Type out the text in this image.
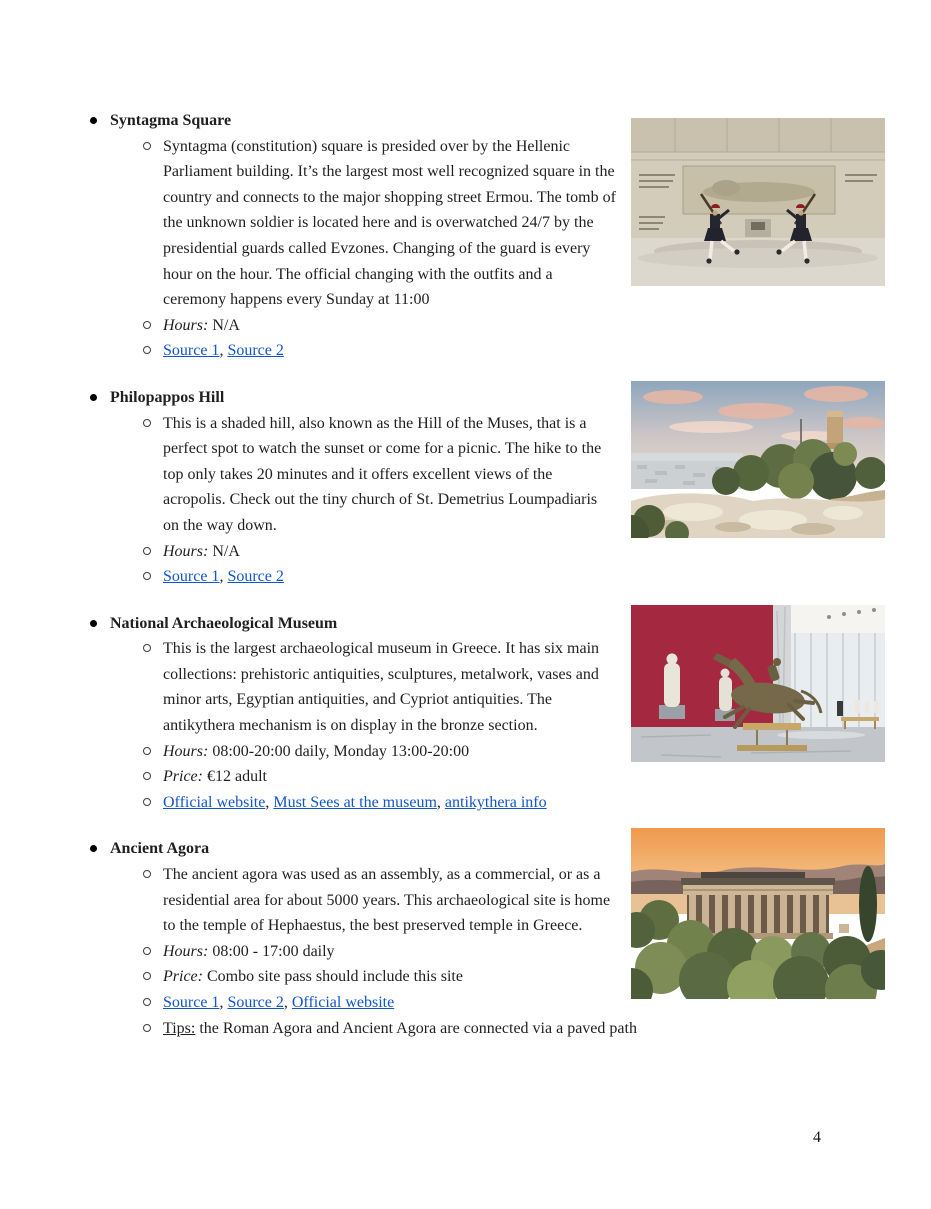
Syntagma Square

Syntagma (constitution) square is presided over by the Hellenic Parliament building. It’s the largest most well recognized square in the country and connects to the major shopping street Ermou. The tomb of the unknown soldier is located here and is overwatched 24/7 by the presidential guards called Evzones. Changing of the guard is every hour on the hour. The official changing with the outfits and a ceremony happens every Sunday at 11:00

Hours: N/A

Source 1, Source 2

Philopappos Hill

This is a shaded hill, also known as the Hill of the Muses, that is a perfect spot to watch the sunset or come for a picnic. The hike to the top only takes 20 minutes and it offers excellent views of the acropolis. Check out the tiny church of St. Demetrius Loumpadiaris on the way down.

Hours: N/A

Source 1, Source 2

National Archaeological Museum

This is the largest archaeological museum in Greece. It has six main collections: prehistoric antiquities, sculptures, metalwork, vases and minor arts, Egyptian antiquities, and Cypriot antiquities. The antikythera mechanism is on display in the bronze section.

Hours: 08:00-20:00 daily, Monday 13:00-20:00

Price: €12 adult

Official website, Must Sees at the museum, antikythera info

Ancient Agora

The ancient agora was used as an assembly, as a commercial, or as a residential area for about 5000 years. This archaeological site is home to the temple of Hephaestus, the best preserved temple in Greece.

Hours: 08:00 - 17:00 daily

Price: Combo site pass should include this site

Source 1, Source 2, Official website

Tips: the Roman Agora and Ancient Agora are connected via a paved path

4
